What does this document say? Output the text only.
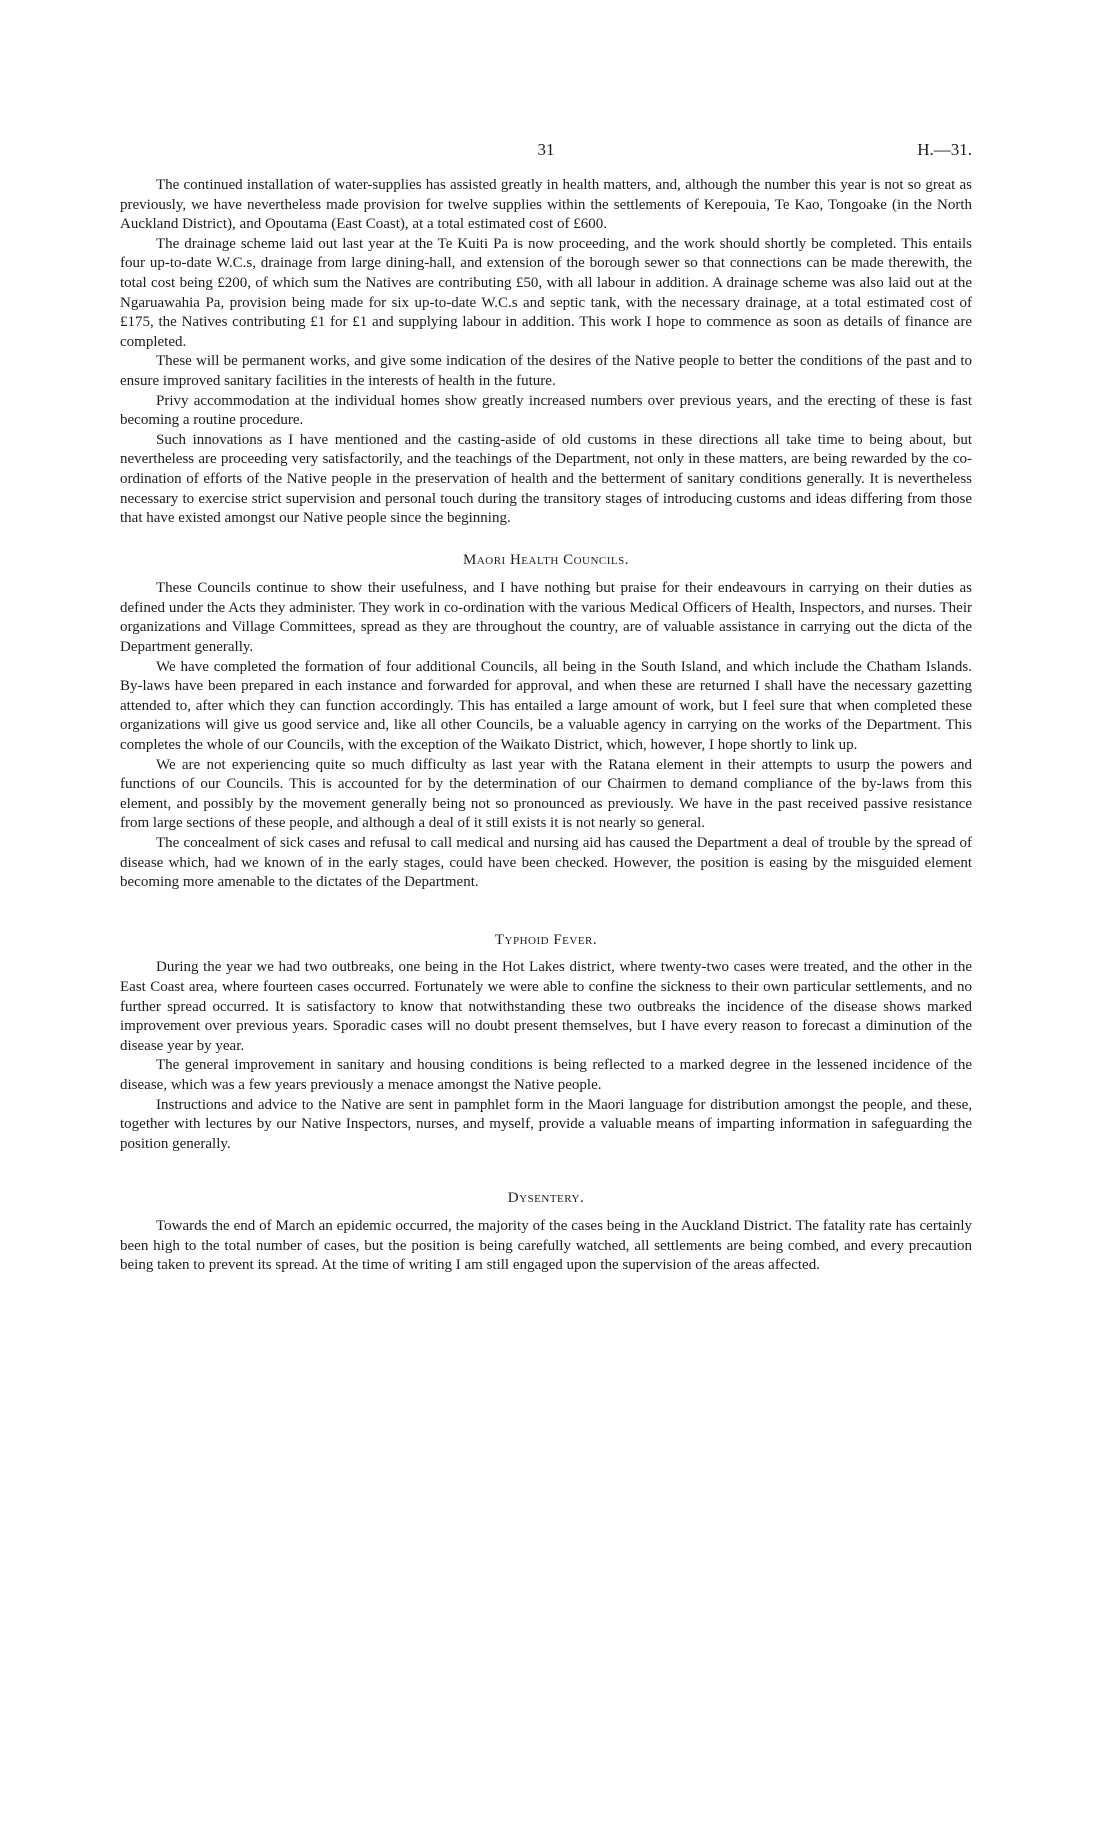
31	H.—31.

The continued installation of water-supplies has assisted greatly in health matters, and, although the number this year is not so great as previously, we have nevertheless made provision for twelve supplies within the settlements of Kerepouia, Te Kao, Tongoake (in the North Auckland District), and Opoutama (East Coast), at a total estimated cost of £600.

The drainage scheme laid out last year at the Te Kuiti Pa is now proceeding, and the work should shortly be completed. This entails four up-to-date W.C.s, drainage from large dining-hall, and extension of the borough sewer so that connections can be made therewith, the total cost being £200, of which sum the Natives are contributing £50, with all labour in addition. A drainage scheme was also laid out at the Ngaruawahia Pa, provision being made for six up-to-date W.C.s and septic tank, with the necessary drainage, at a total estimated cost of £175, the Natives contributing £1 for £1 and supplying labour in addition. This work I hope to commence as soon as details of finance are completed.

These will be permanent works, and give some indication of the desires of the Native people to better the conditions of the past and to ensure improved sanitary facilities in the interests of health in the future.

Privy accommodation at the individual homes show greatly increased numbers over previous years, and the erecting of these is fast becoming a routine procedure.

Such innovations as I have mentioned and the casting-aside of old customs in these directions all take time to being about, but nevertheless are proceeding very satisfactorily, and the teachings of the Department, not only in these matters, are being rewarded by the co-ordination of efforts of the Native people in the preservation of health and the betterment of sanitary conditions generally. It is nevertheless necessary to exercise strict supervision and personal touch during the transitory stages of introducing customs and ideas differing from those that have existed amongst our Native people since the beginning.

Maori Health Councils.

These Councils continue to show their usefulness, and I have nothing but praise for their endeavours in carrying on their duties as defined under the Acts they administer. They work in co-ordination with the various Medical Officers of Health, Inspectors, and nurses. Their organizations and Village Committees, spread as they are throughout the country, are of valuable assistance in carrying out the dicta of the Department generally.

We have completed the formation of four additional Councils, all being in the South Island, and which include the Chatham Islands. By-laws have been prepared in each instance and forwarded for approval, and when these are returned I shall have the necessary gazetting attended to, after which they can function accordingly. This has entailed a large amount of work, but I feel sure that when completed these organizations will give us good service and, like all other Councils, be a valuable agency in carrying on the works of the Department. This completes the whole of our Councils, with the exception of the Waikato District, which, however, I hope shortly to link up.

We are not experiencing quite so much difficulty as last year with the Ratana element in their attempts to usurp the powers and functions of our Councils. This is accounted for by the determination of our Chairmen to demand compliance of the by-laws from this element, and possibly by the movement generally being not so pronounced as previously. We have in the past received passive resistance from large sections of these people, and although a deal of it still exists it is not nearly so general.

The concealment of sick cases and refusal to call medical and nursing aid has caused the Department a deal of trouble by the spread of disease which, had we known of in the early stages, could have been checked. However, the position is easing by the misguided element becoming more amenable to the dictates of the Department.

Typhoid Fever.

During the year we had two outbreaks, one being in the Hot Lakes district, where twenty-two cases were treated, and the other in the East Coast area, where fourteen cases occurred. Fortunately we were able to confine the sickness to their own particular settlements, and no further spread occurred. It is satisfactory to know that notwithstanding these two outbreaks the incidence of the disease shows marked improvement over previous years. Sporadic cases will no doubt present themselves, but I have every reason to forecast a diminution of the disease year by year.

The general improvement in sanitary and housing conditions is being reflected to a marked degree in the lessened incidence of the disease, which was a few years previously a menace amongst the Native people.

Instructions and advice to the Native are sent in pamphlet form in the Maori language for distribution amongst the people, and these, together with lectures by our Native Inspectors, nurses, and myself, provide a valuable means of imparting information in safeguarding the position generally.

Dysentery.

Towards the end of March an epidemic occurred, the majority of the cases being in the Auckland District. The fatality rate has certainly been high to the total number of cases, but the position is being carefully watched, all settlements are being combed, and every precaution being taken to prevent its spread. At the time of writing I am still engaged upon the supervision of the areas affected.
